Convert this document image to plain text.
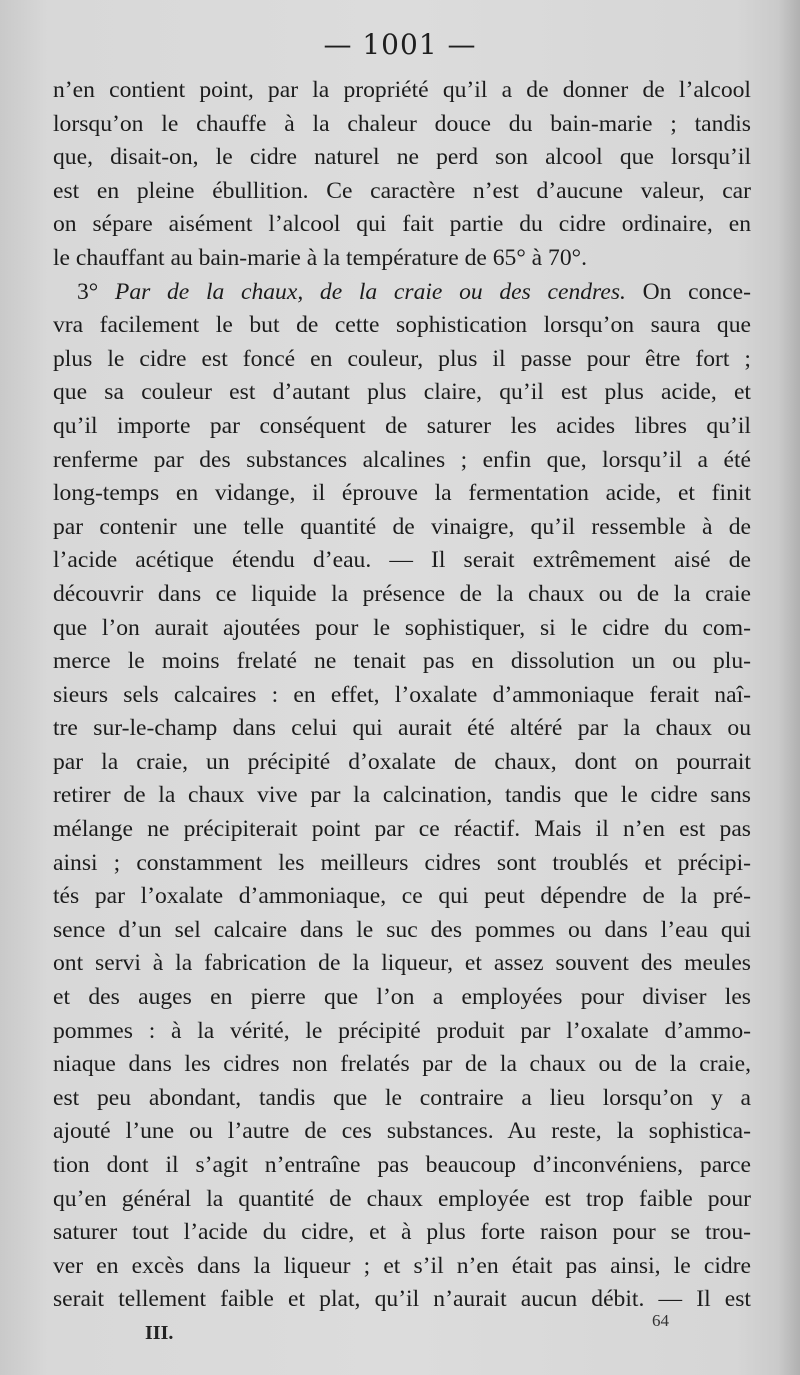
— 1001 —
n’en contient point, par la propriété qu’il a de donner de l’alcool
lorsqu’on le chauffe à la chaleur douce du bain-marie ; tandis
que, disait-on, le cidre naturel ne perd son alcool que lorsqu’il
est en pleine ébullition. Ce caractère n’est d’aucune valeur, car
on sépare aisément l’alcool qui fait partie du cidre ordinaire, en
le chauffant au bain-marie à la température de 65° à 70°.
3° Par de la chaux, de la craie ou des cendres. On conce-
vra facilement le but de cette sophistication lorsqu’on saura que
plus le cidre est foncé en couleur, plus il passe pour être fort ;
que sa couleur est d’autant plus claire, qu’il est plus acide, et
qu’il importe par conséquent de saturer les acides libres qu’il
renferme par des substances alcalines ; enfin que, lorsqu’il a été
long-temps en vidange, il éprouve la fermentation acide, et finit
par contenir une telle quantité de vinaigre, qu’il ressemble à de
l’acide acétique étendu d’eau. — Il serait extrêmement aisé de
découvrir dans ce liquide la présence de la chaux ou de la craie
que l’on aurait ajoutées pour le sophistiquer, si le cidre du com-
merce le moins frelaté ne tenait pas en dissolution un ou plu-
sieurs sels calcaires : en effet, l’oxalate d’ammoniaque ferait naî-
tre sur-le-champ dans celui qui aurait été altéré par la chaux ou
par la craie, un précipité d’oxalate de chaux, dont on pourrait
retirer de la chaux vive par la calcination, tandis que le cidre sans
mélange ne précipiterait point par ce réactif. Mais il n’en est pas
ainsi ; constamment les meilleurs cidres sont troublés et précipi-
tés par l’oxalate d’ammoniaque, ce qui peut dépendre de la pré-
sence d’un sel calcaire dans le suc des pommes ou dans l’eau qui
ont servi à la fabrication de la liqueur, et assez souvent des meules
et des auges en pierre que l’on a employées pour diviser les
pommes : à la vérité, le précipité produit par l’oxalate d’ammo-
niaque dans les cidres non frelatés par de la chaux ou de la craie,
est peu abondant, tandis que le contraire a lieu lorsqu’on y a
ajouté l’une ou l’autre de ces substances. Au reste, la sophistica-
tion dont il s’agit n’entraîne pas beaucoup d’inconvéniens, parce
qu’en général la quantité de chaux employée est trop faible pour
saturer tout l’acide du cidre, et à plus forte raison pour se trou-
ver en excès dans la liqueur ; et s’il n’en était pas ainsi, le cidre
serait tellement faible et plat, qu’il n’aurait aucun débit. — Il est
III.
64
